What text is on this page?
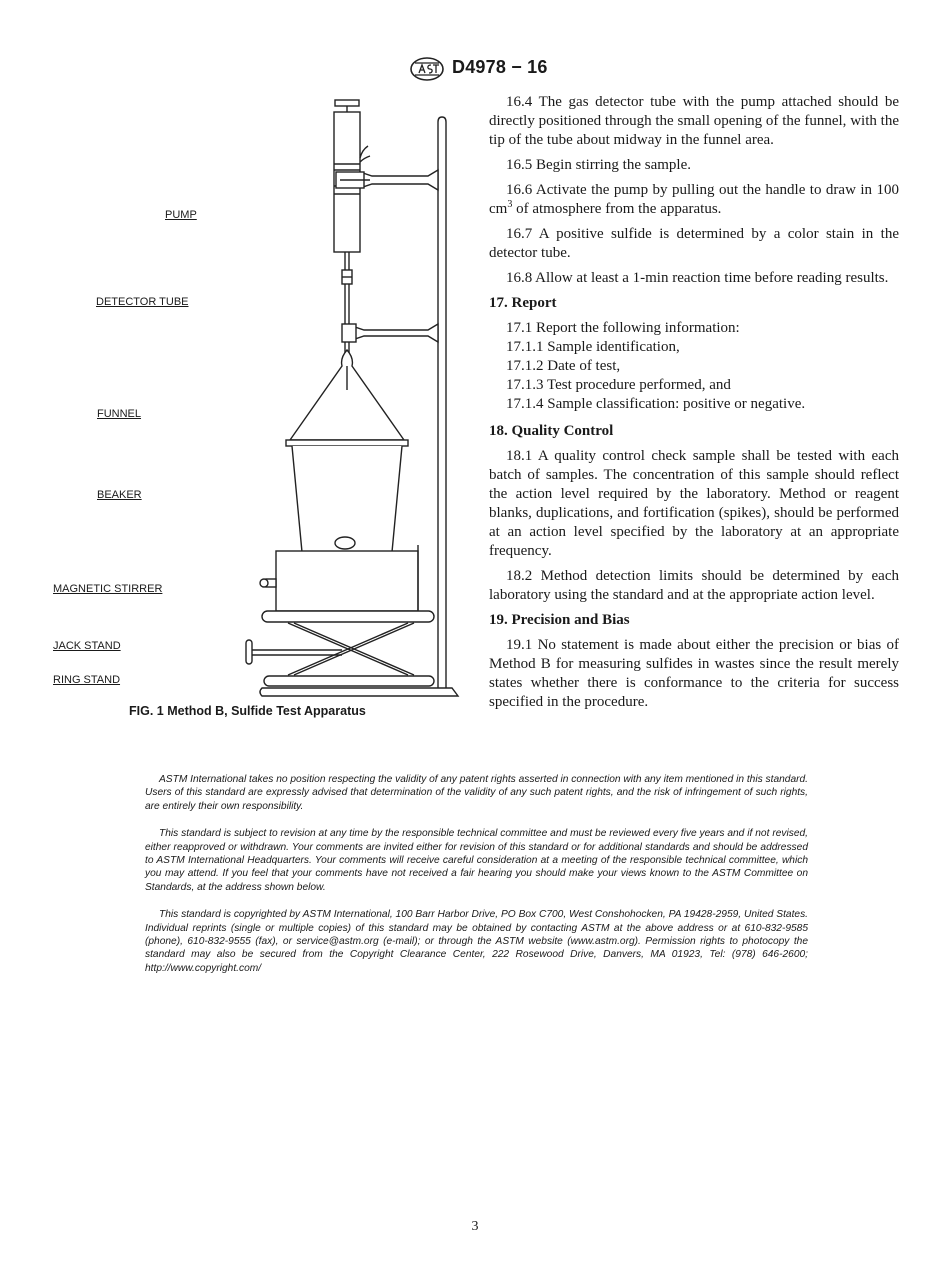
D4978 − 16
PUMP
DETECTOR TUBE
FUNNEL
BEAKER
MAGNETIC STIRRER
JACK STAND
RING STAND
FIG. 1 Method B, Sulfide Test Apparatus

16.4 The gas detector tube with the pump attached should be directly positioned through the small opening of the funnel, with the tip of the tube about midway in the funnel area.

16.5 Begin stirring the sample.

16.6 Activate the pump by pulling out the handle to draw in 100 $cm^3$ of atmosphere from the apparatus.

16.7 A positive sulfide is determined by a color stain in the detector tube.

16.8 Allow at least a 1-min reaction time before reading results.

17. Report

17.1 Report the following information:

17.1.1 Sample identification,

17.1.2 Date of test,

17.1.3 Test procedure performed, and

17.1.4 Sample classification: positive or negative.

18. Quality Control

18.1 A quality control check sample shall be tested with each batch of samples. The concentration of this sample should reflect the action level required by the laboratory. Method or reagent blanks, duplications, and fortification (spikes), should be performed at an action level specified by the laboratory at an appropriate frequency.

18.2 Method detection limits should be determined by each laboratory using the standard and at the appropriate action level.

19. Precision and Bias

19.1 No statement is made about either the precision or bias of Method B for measuring sulfides in wastes since the result merely states whether there is conformance to the criteria for success specified in the procedure.

ASTM International takes no position respecting the validity of any patent rights asserted in connection with any item mentioned in this standard. Users of this standard are expressly advised that determination of the validity of any such patent rights, and the risk of infringement of such rights, are entirely their own responsibility.

This standard is subject to revision at any time by the responsible technical committee and must be reviewed every five years and if not revised, either reapproved or withdrawn. Your comments are invited either for revision of this standard or for additional standards and should be addressed to ASTM International Headquarters. Your comments will receive careful consideration at a meeting of the responsible technical committee, which you may attend. If you feel that your comments have not received a fair hearing you should make your views known to the ASTM Committee on Standards, at the address shown below.

This standard is copyrighted by ASTM International, 100 Barr Harbor Drive, PO Box C700, West Conshohocken, PA 19428-2959, United States. Individual reprints (single or multiple copies) of this standard may be obtained by contacting ASTM at the above address or at 610-832-9585 (phone), 610-832-9555 (fax), or service@astm.org (e-mail); or through the ASTM website (www.astm.org). Permission rights to photocopy the standard may also be secured from the Copyright Clearance Center, 222 Rosewood Drive, Danvers, MA 01923, Tel: (978) 646-2600; http://www.copyright.com/

3
